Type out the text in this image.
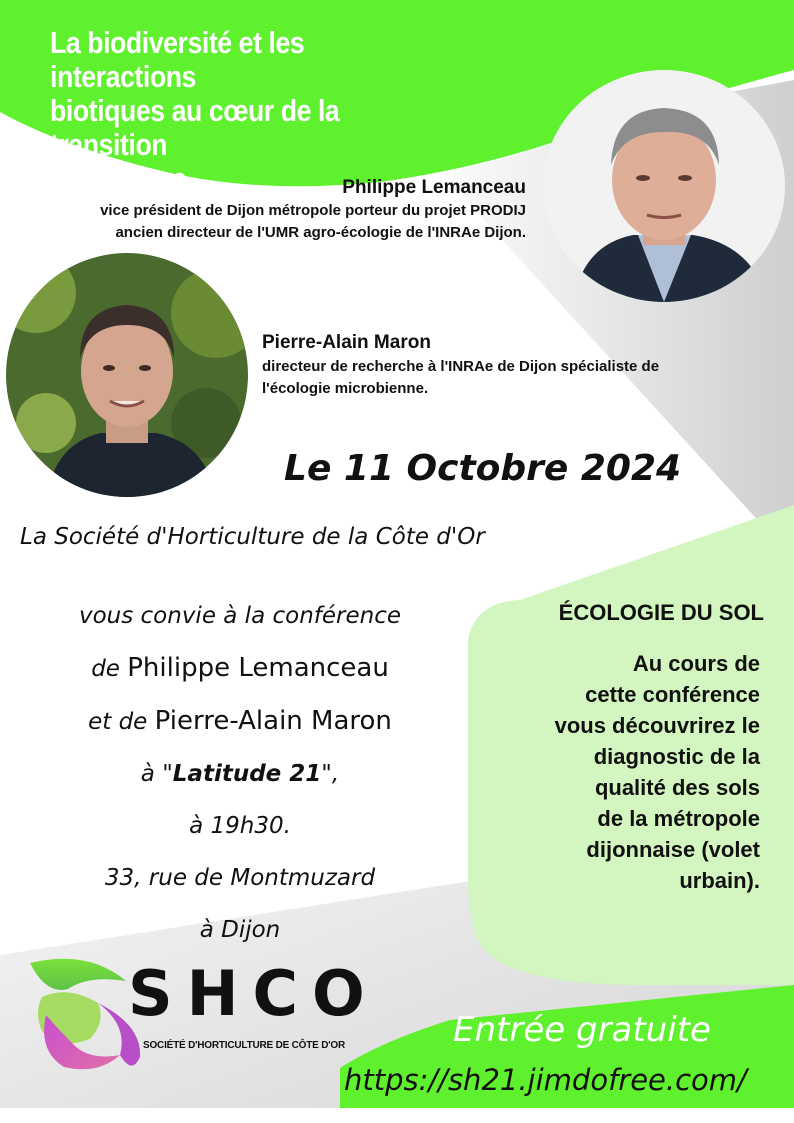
La biodiversité et les interactions
biotiques au cœur de la transition
écologique	Philippe Lemanceau
vice président de Dijon métropole porteur du projet PRODIJ
ancien directeur de l'UMR agro-écologie de l'INRAe Dijon.
Pierre-Alain Maron
directeur de recherche à l'INRAe de Dijon spécialiste de
l'écologie microbienne.
Le 11 Octobre 2024
La Société d'Horticulture de la Côte d'Or
vous convie à la conférence
de Philippe Lemanceau
et de Pierre-Alain Maron
à "Latitude 21",
à 19h30.
33, rue de Montmuzard
à Dijon
ÉCOLOGIE DU SOL
Au cours de
cette conférence
vous découvrirez le
diagnostic de la
qualité des sols
de la métropole
dijonnaise (volet
urbain).
SHCO
SOCIÉTÉ D'HORTICULTURE DE CÔTE D'OR	Entrée gratuite
https://sh21.jimdofree.com/
